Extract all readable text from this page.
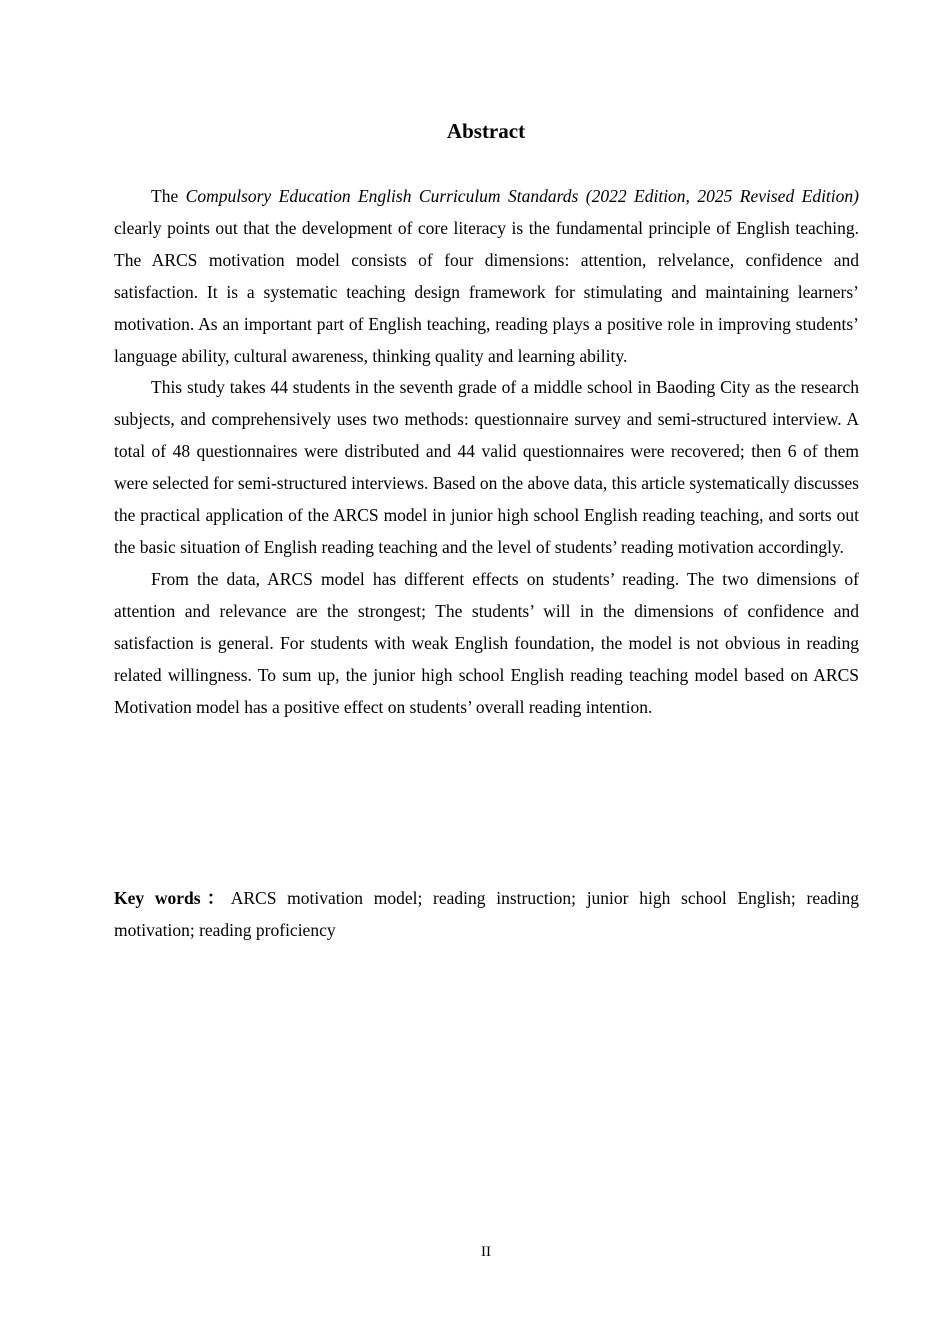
Abstract

The Compulsory Education English Curriculum Standards (2022 Edition, 2025 Revised Edition) clearly points out that the development of core literacy is the fundamental principle of English teaching. The ARCS motivation model consists of four dimensions: attention, relvelance, confidence and satisfaction. It is a systematic teaching design framework for stimulating and maintaining learners’ motivation. As an important part of English teaching, reading plays a positive role in improving students’ language ability, cultural awareness, thinking quality and learning ability.

This study takes 44 students in the seventh grade of a middle school in Baoding City as the research subjects, and comprehensively uses two methods: questionnaire survey and semi-structured interview. A total of 48 questionnaires were distributed and 44 valid questionnaires were recovered; then 6 of them were selected for semi-structured interviews. Based on the above data, this article systematically discusses the practical application of the ARCS model in junior high school English reading teaching, and sorts out the basic situation of English reading teaching and the level of students’ reading motivation accordingly.

From the data, ARCS model has different effects on students’ reading. The two dimensions of attention and relevance are the strongest; The students’ will in the dimensions of confidence and satisfaction is general. For students with weak English foundation, the model is not obvious in reading related willingness. To sum up, the junior high school English reading teaching model based on ARCS Motivation model has a positive effect on students’ overall reading intention.

Key words：ARCS motivation model; reading instruction; junior high school English; reading motivation; reading proficiency

II
